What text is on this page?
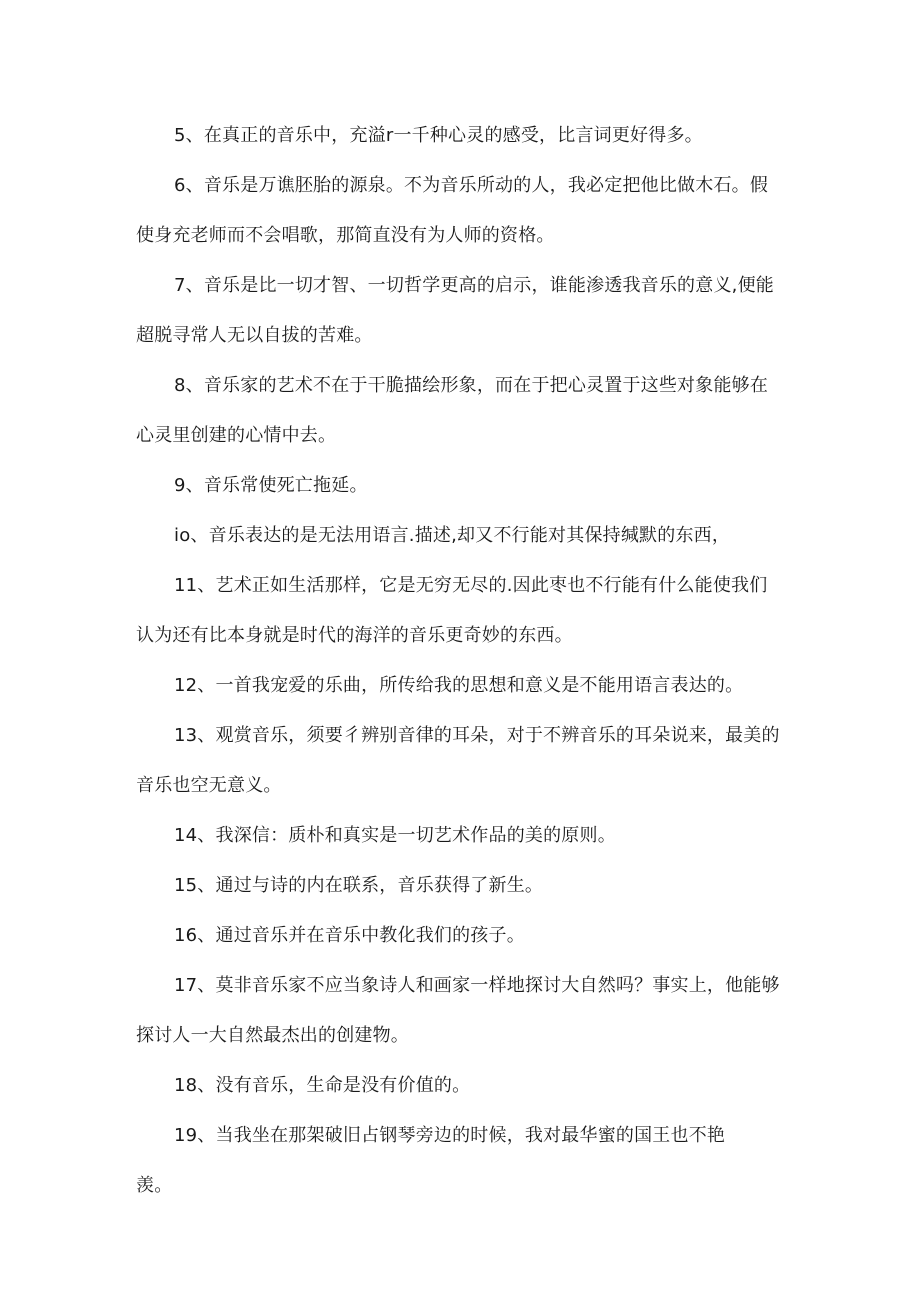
5、在真正的音乐中，充溢r一千种心灵的感受，比言词更好得多。

6、音乐是万谯胚胎的源泉。不为音乐所动的人，我必定把他比做木石。假

使身充老师而不会唱歌，那简直没有为人师的资格。

7、音乐是比一切才智、一切哲学更高的启示，谁能渗透我音乐的意义,便能

超脱寻常人无以自拔的苦难。

8、音乐家的艺术不在于干脆描绘形象，而在于把心灵置于这些对象能够在

心灵里创建的心情中去。

9、音乐常使死亡拖延。

io、音乐表达的是无法用语言.描述,却又不行能对其保持缄默的东西，

11、艺术正如生活那样，它是无穷无尽的.因此枣也不行能有什么能使我们

认为还有比本身就是时代的海洋的音乐更奇妙的东西。

12、一首我宠爱的乐曲，所传给我的思想和意义是不能用语言表达的。

13、观赏音乐，须要彳辨别音律的耳朵，对于不辨音乐的耳朵说来，最美的

音乐也空无意义。

14、我深信：质朴和真实是一切艺术作品的美的原则。

15、通过与诗的内在联系，音乐获得了新生。

16、通过音乐并在音乐中教化我们的孩子。

17、莫非音乐家不应当象诗人和画家一样地探讨大自然吗？事实上，他能够

探讨人一大自然最杰出的创建物。

18、没有音乐，生命是没有价值的。

19、当我坐在那架破旧占钢琴旁边的时候，我对最华蜜的国王也不艳

羡。
